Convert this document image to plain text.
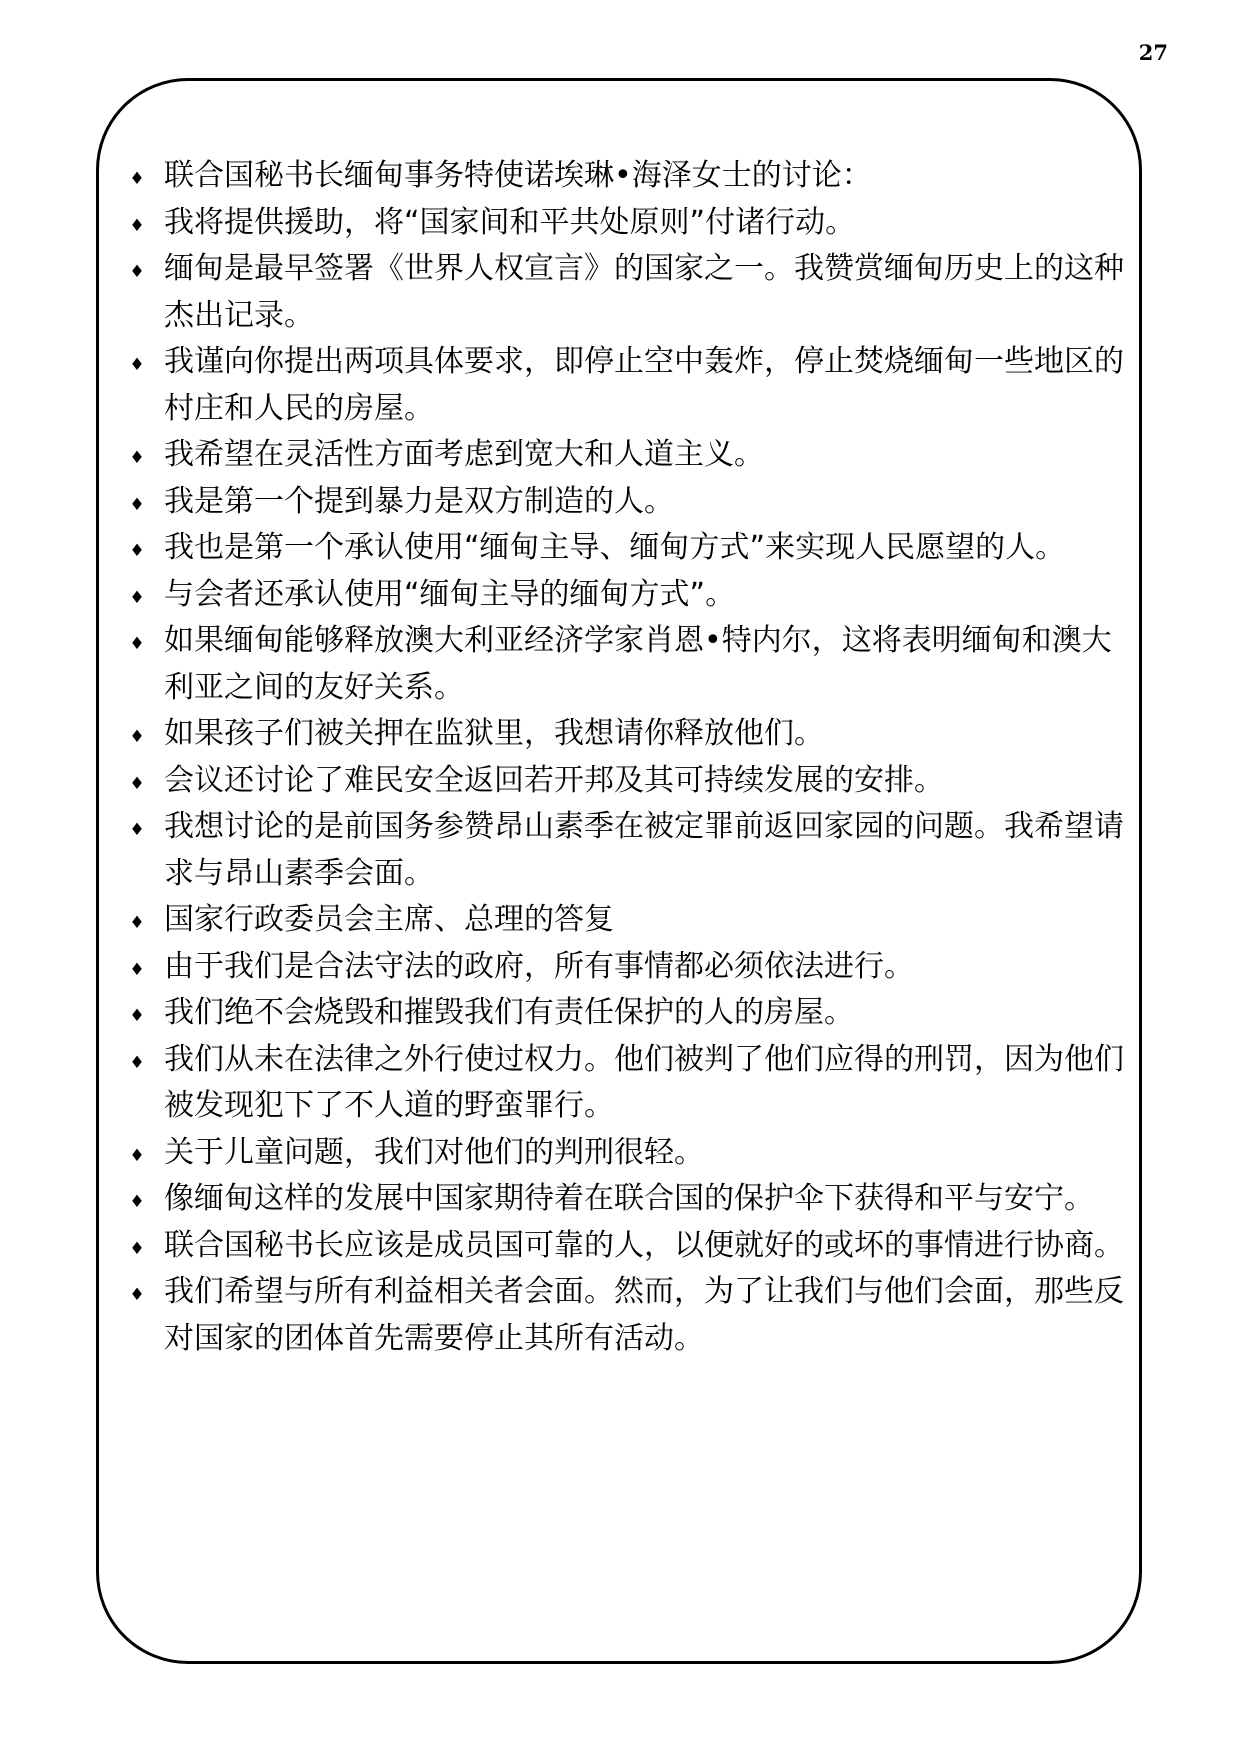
27
♦ 联合国秘书长缅甸事务特使诺埃琳•海泽女士的讨论：
♦ 我将提供援助，将“国家间和平共处原则”付诸行动。
♦ 缅甸是最早签署《世界人权宣言》的国家之一。我赞赏缅甸历史上的这种杰出记录。
♦ 我谨向你提出两项具体要求，即停止空中轰炸，停止焚烧缅甸一些地区的村庄和人民的房屋。
♦ 我希望在灵活性方面考虑到宽大和人道主义。
♦ 我是第一个提到暴力是双方制造的人。
♦ 我也是第一个承认使用“缅甸主导、缅甸方式”来实现人民愿望的人。
♦ 与会者还承认使用“缅甸主导的缅甸方式”。
♦ 如果缅甸能够释放澳大利亚经济学家肖恩•特内尔，这将表明缅甸和澳大利亚之间的友好关系。
♦ 如果孩子们被关押在监狱里，我想请你释放他们。
♦ 会议还讨论了难民安全返回若开邦及其可持续发展的安排。
♦ 我想讨论的是前国务参赞昂山素季在被定罪前返回家园的问题。我希望请求与昂山素季会面。
♦ 国家行政委员会主席、总理的答复
♦ 由于我们是合法守法的政府，所有事情都必须依法进行。
♦ 我们绝不会烧毁和摧毁我们有责任保护的人的房屋。
♦ 我们从未在法律之外行使过权力。他们被判了他们应得的刑罚，因为他们被发现犯下了不人道的野蛮罪行。
♦ 关于儿童问题，我们对他们的判刑很轻。
♦ 像缅甸这样的发展中国家期待着在联合国的保护伞下获得和平与安宁。
♦ 联合国秘书长应该是成员国可靠的人，以便就好的或坏的事情进行协商。
♦ 我们希望与所有利益相关者会面。然而，为了让我们与他们会面，那些反对国家的团体首先需要停止其所有活动。
